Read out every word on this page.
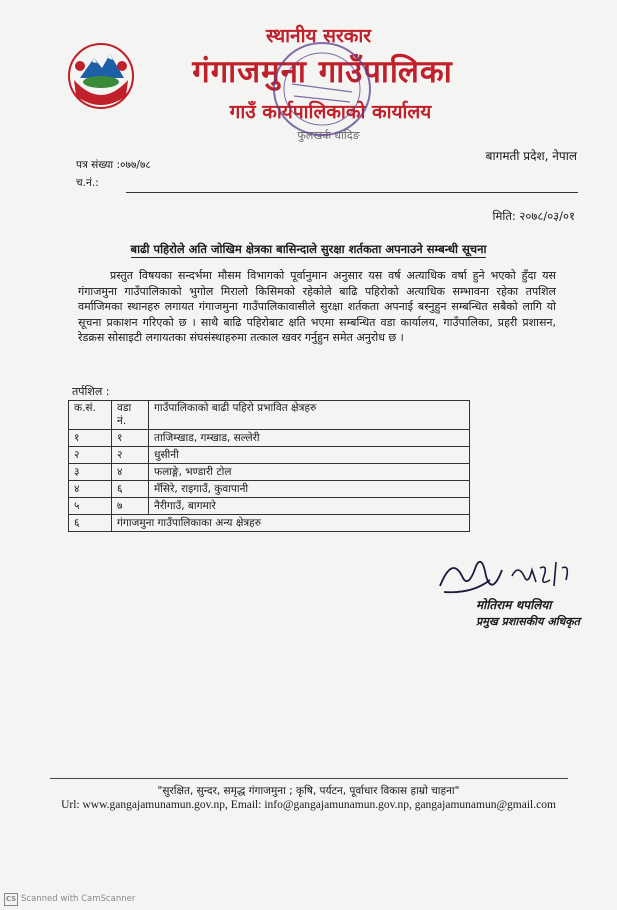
स्थानीय सरकार
गंगाजमुना गाउँपालिका
गाउँ कार्यपालिकाको कार्यालय
फुलखर्क धादिङ
पत्र संख्या :०७७/७८
च.नं.:
बागमती प्रदेश, नेपाल
मिति: २०७८/०३/०१
बाढी पहिरोले अति जोखिम क्षेत्रका बासिन्दाले सुरक्षा शर्तकता अपनाउने सम्बन्धी सूचना
प्रस्तुत विषयका सन्दर्भमा मौसम विभागको पूर्वानुमान अनुसार यस वर्ष अत्याधिक वर्षा हुने भएको हुँदा यस गंगाजमुना गाउँपालिकाको भुगोल मिरालो किसिमको रहेकोले बाढि पहिरोको अत्याधिक सम्भावना रहेका तपशिल वर्माजिमका स्थानहरु लगायत गंगाजमुना गाउँपालिकावासीले सुरक्षा शर्तकता अपनाई बस्नुहुन सम्बन्धित सबैको लागि यो सूचना प्रकाशन गरिएको छ । साथै बाढि पहिरोबाट क्षति भएमा सम्बन्धित वडा कार्यालय, गाउँपालिका, प्रहरी प्रशासन, रेडक्रस सोसाइटी लगायतका संघसंस्थाहरुमा तत्काल खवर गर्नुहुन समेत अनुरोध छ ।
तर्पशिल :
क.सं.	वडा नं.	गाउँपालिकाको बाढी पहिरो प्रभावित क्षेत्रहरु
१	१	ताजिम्खाड, गम्खाड, सल्लेरी
२	२	धुसीनी
३	४	फलाङ्गे, भण्डारी टोल
४	६	मँसिरे, राइगाउँ, कुवापानी
५	७	नैरीगाउँ, बागमारे
६	गंगाजमुना गाउँपालिकाका अन्य क्षेत्रहरु	
मोतिराम थपलिया
प्रमुख प्रशासकीय अधिकृत
"सुरक्षित, सुन्दर, समृद्ध गंगाजमुना ; कृषि, पर्यटन, पूर्वाधार विकास हाम्रो चाहना"
Url: www.gangajamunamun.gov.np, Email: info@gangajamunamun.gov.np, gangajamunamun@gmail.com
CS Scanned with CamScanner
